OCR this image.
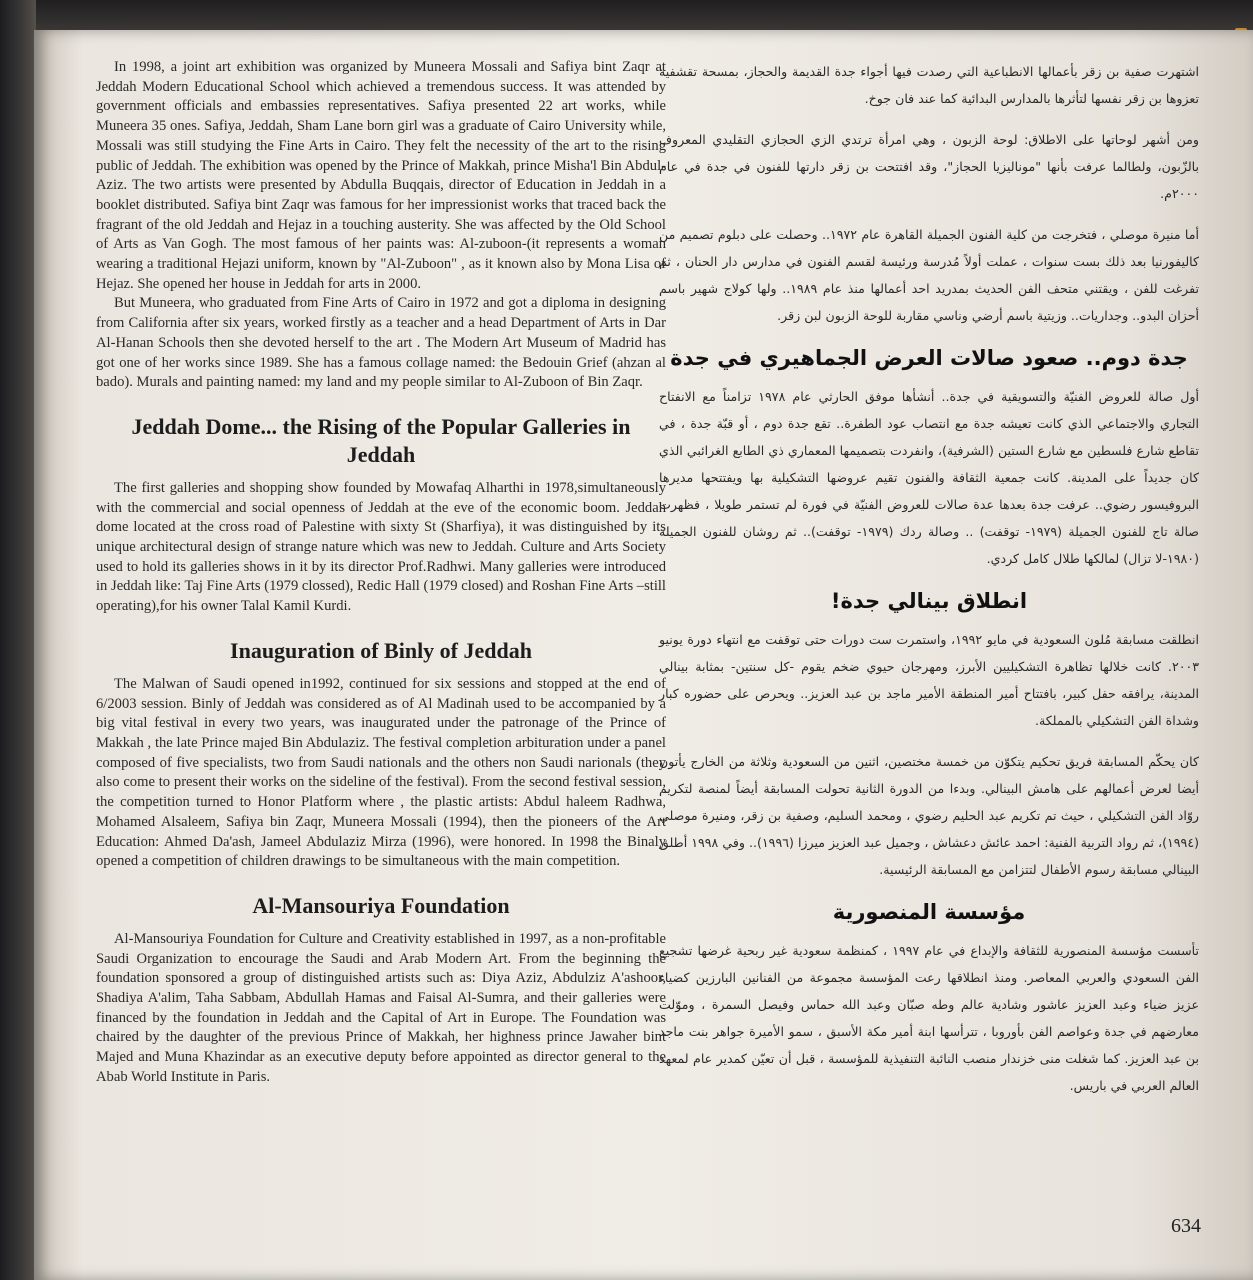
In 1998, a joint art exhibition was organized by Muneera Mossali and Safiya bint Zaqr at Jeddah Modern Educational School which achieved a tremendous success. It was attended by government officials and embassies representatives. Safiya presented 22 art works, while Muneera 35 ones. Safiya, Jeddah, Sham Lane born girl was a graduate of Cairo University while, Mossali was still studying the Fine Arts in Cairo. They felt the necessity of the art to the rising public of Jeddah. The exhibition was opened by the Prince of Makkah, prince Misha'l Bin Abdul-Aziz. The two artists were presented by Abdulla Buqqais, director of Education in Jeddah in a booklet distributed. Safiya bint Zaqr was famous for her impressionist works that traced back the fragrant of the old Jeddah and Hejaz in a touching austerity. She was affected by the Old School of Arts as Van Gogh. The most famous of her paints was: Al-zuboon-(it represents a woman wearing a traditional Hejazi uniform, known by "Al-Zuboon" , as it known also by Mona Lisa of Hejaz. She opened her house in Jeddah for arts in 2000.

But Muneera, who graduated from Fine Arts of Cairo in 1972 and got a diploma in designing from California after six years, worked firstly as a teacher and a head Department of Arts in Dar Al-Hanan Schools then she devoted herself to the art . The Modern Art Museum of Madrid has got one of her works since 1989. She has a famous collage named: the Bedouin Grief (ahzan al bado). Murals and painting named: my land and my people similar to Al-Zuboon of Bin Zaqr.

Jeddah Dome... the Rising of the Popular Galleries in Jeddah

The first galleries and shopping show founded by Mowafaq Alharthi in 1978,simultaneously with the commercial and social openness of Jeddah at the eve of the economic boom. Jeddah dome located at the cross road of Palestine with sixty St (Sharfiya), it was distinguished by its unique architectural design of strange nature which was new to Jeddah. Culture and Arts Society used to hold its galleries shows in it by its director Prof.Radhwi. Many galleries were introduced in Jeddah like: Taj Fine Arts (1979 clossed), Redic Hall (1979 closed) and Roshan Fine Arts –still operating),for his owner Talal Kamil Kurdi.

Inauguration of Binly of Jeddah

The Malwan of Saudi opened in1992, continued for six sessions and stopped at the end of 6/2003 session. Binly of Jeddah was considered as of Al Madinah used to be accompanied by a big vital festival in every two years, was inaugurated under the patronage of the Prince of Makkah , the late Prince majed Bin Abdulaziz. The festival completion arbituration under a panel composed of five specialists, two from Saudi nationals and the others non Saudi narionals (they also come to present their works on the sideline of the festival). From the second festival session, the competition turned to Honor Platform where , the plastic artists: Abdul haleem Radhwa, Mohamed Alsaleem, Safiya bin Zaqr, Muneera Mossali (1994), then the pioneers of the Art Education: Ahmed Da'ash, Jameel Abdulaziz Mirza (1996), were honored. In 1998 the Binaly opened a competition of children drawings to be simultaneous with the main competition.

Al-Mansouriya Foundation

Al-Mansouriya Foundation for Culture and Creativity established in 1997, as a non-profitable Saudi Organization to encourage the Saudi and Arab Modern Art. From the beginning the foundation sponsored a group of distinguished artists such as: Diya Aziz, Abdulziz A'ashoor, Shadiya A'alim, Taha Sabbam, Abdullah Hamas and Faisal Al-Sumra, and their galleries were financed by the foundation in Jeddah and the Capital of Art in Europe. The Foundation was chaired by the daughter of the previous Prince of Makkah, her highness prince Jawaher bint Majed and Muna Khazindar as an executive deputy before appointed as director general to the Abab World Institute in Paris.

اشتهرت صفية بن زقر بأعمالها الانطباعية التي رصدت فيها أجواء جدة القديمة والحجاز، بمسحة تقشفية تعزوها بن زقر نفسها لتأثرها بالمدارس البدائية كما عند فان جوخ.

ومن أشهر لوحاتها على الاطلاق: لوحة الزبون ، وهي امرأة ترتدي الزي الحجازي التقليدي المعروف بالزّبون، ولطالما عرفت بأنها "موناليزيا الحجاز"، وقد افتتحت بن زقر دارتها للفنون في جدة في عام ٢٠٠٠م.

أما منيرة موصلي ، فتخرجت من كلية الفنون الجميلة القاهرة عام ١٩٧٢.. وحصلت على دبلوم تصميم من كاليفورنيا بعد ذلك بست سنوات ، عملت أولاً مُدرسة ورئيسة لقسم الفنون في مدارس دار الحنان ، ثم تفرغت للفن ، ويقتني متحف الفن الحديث بمدريد احد أعمالها منذ عام ١٩٨٩.. ولها كولاج شهير باسم أحزان البدو.. وجداريات.. وزيتية باسم أرضي وناسي مقاربة للوحة الزبون لبن زقر.

جدة دوم.. صعود صالات العرض الجماهيري في جدة

أول صالة للعروض الفنيّة والتسويقية في جدة.. أنشأها موفق الحارثي عام ١٩٧٨ تزامناً مع الانفتاح التجاري والاجتماعي الذي كانت تعيشه جدة مع انتصاب عود الطفرة.. تقع جدة دوم ، أو قبّة جدة ، في تقاطع شارع فلسطين مع شارع الستين (الشرفية)، وانفردت بتصميمها المعماري ذي الطابع الغرائبي الذي كان جديداً على المدينة. كانت جمعية الثقافة والفنون تقيم عروضها التشكيلية بها ويفتتحها مديرها البروفيسور رضوي.. عرفت جدة بعدها عدة صالات للعروض الفنيّة في فورة لم تستمر طويلا ، فظهرت صالة تاج للفنون الجميلة (١٩٧٩- توقفت) .. وصالة ردك (١٩٧٩- توقفت).. ثم روشان للفنون الجميلة (١٩٨٠-لا تزال) لمالكها طلال كامل كردي.

انطلاق بينالي جدة!

انطلقت مسابقة مُلون السعودية في مايو ١٩٩٢، واستمرت ست دورات حتى توقفت مع انتهاء دورة يونيو ٢٠٠٣. كانت خلالها تظاهرة التشكيليين الأبرز، ومهرجان حيوي ضخم يقوم -كل سنتين- بمثابة بينالي المدينة، يرافقه حفل كبير، بافتتاح أمير المنطقة الأمير ماجد بن عبد العزيز.. ويحرص على حضوره كبار وشداة الفن التشكيلي بالمملكة.

كان يحكّم المسابقة فريق تحكيم يتكوّن من خمسة مختصين، اثنين من السعودية وثلاثة من الخارج يأتون أيضا لعرض أعمالهم على هامش البينالي. وبدءا من الدورة الثانية تحولت المسابقة أيضاً لمنصة لتكريم روّاد الفن التشكيلي ، حيث تم تكريم عبد الحليم رضوي ، ومحمد السليم، وصفية بن زقر، ومنيرة موصلي (١٩٩٤)، ثم رواد التربية الفنية: احمد عائش دعشاش ، وجميل عبد العزيز ميرزا (١٩٩٦).. وفي ١٩٩٨ أطلق البينالي مسابقة رسوم الأطفال لتتزامن مع المسابقة الرئيسية.

مؤسسة المنصورية

تأسست مؤسسة المنصورية للثقافة والإبداع في عام ١٩٩٧ ، كمنظمة سعودية غير ربحية غرضها تشجيع الفن السعودي والعربي المعاصر. ومنذ انطلاقها رعت المؤسسة مجموعة من الفنانين البارزين كضياء عزيز ضياء وعبد العزيز عاشور وشادية عالم وطه صبّان وعبد الله حماس وفيصل السمرة ، وموّلت معارضهم في جدة وعواصم الفن بأوروبا ، تترأسها ابنة أمير مكة الأسبق ، سمو الأميرة جواهر بنت ماجد بن عبد العزيز. كما شغلت منى خزندار منصب النائبة التنفيذية للمؤسسة ، قبل أن تعيّن كمدير عام لمعهد العالم العربي في باريس.

634
